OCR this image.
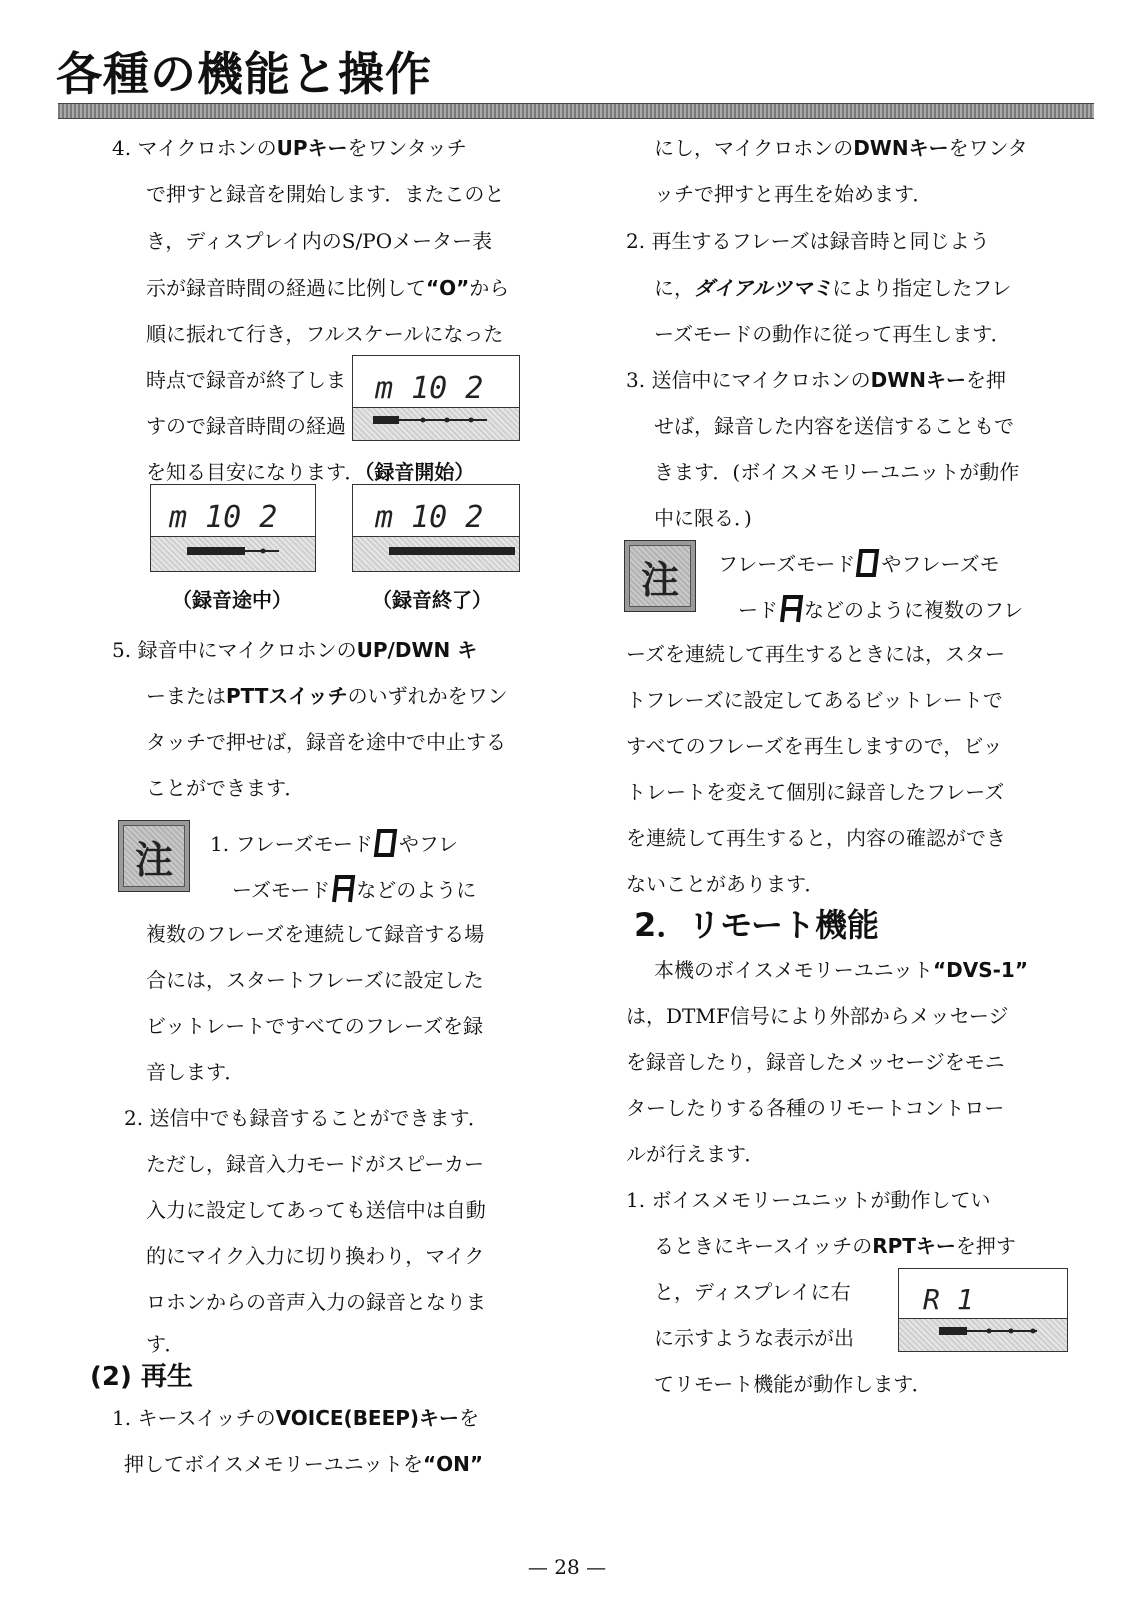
各種の機能と操作
4. マイクロホンのUPキーをワンタッチ
で押すと録音を開始します．またこのと
き，ディスプレイ内のS/POメーター表
示が録音時間の経過に比例して“O”から
順に振れて行き，フルスケールになった
時点で録音が終了しま
すので録音時間の経過
を知る目安になります．（録音開始）
m 10 2
m 10 2	m 10 2
（録音途中）	（録音終了）
5. 録音中にマイクロホンのUP/DWN キ
ーまたはPTTスイッチのいずれかをワン
タッチで押せば，録音を途中で中止する
ことができます．
注	1. フレーズモード やフレ
ーズモード などのように
複数のフレーズを連続して録音する場
合には，スタートフレーズに設定した
ビットレートですべてのフレーズを録
音します．
2. 送信中でも録音することができます．
ただし，録音入力モードがスピーカー
入力に設定してあっても送信中は自動
的にマイク入力に切り換わり，マイク
ロホンからの音声入力の録音となりま
す．
(2) 再生
1. キースイッチのVOICE(BEEP)キーを
押してボイスメモリーユニットを“ON”
にし，マイクロホンのDWNキーをワンタ
ッチで押すと再生を始めます．
2. 再生するフレーズは録音時と同じよう
に，ダイアルツマミにより指定したフレ
ーズモードの動作に従って再生します．
3. 送信中にマイクロホンのDWNキーを押
せば，録音した内容を送信することもで
きます．(ボイスメモリーユニットが動作
中に限る．)
注	フレーズモード やフレーズモ
ード などのように複数のフレ
ーズを連続して再生するときには，スター
トフレーズに設定してあるビットレートで
すべてのフレーズを再生しますので，ビッ
トレートを変えて個別に録音したフレーズ
を連続して再生すると，内容の確認ができ
ないことがあります．
2．リモート機能
本機のボイスメモリーユニット“DVS-1”
は，DTMF信号により外部からメッセージ
を録音したり，録音したメッセージをモニ
ターしたりする各種のリモートコントロー
ルが行えます．
1. ボイスメモリーユニットが動作してい
るときにキースイッチのRPTキーを押す
と，ディスプレイに右
に示すような表示が出
てリモート機能が動作します．
R 1
— 28 —
